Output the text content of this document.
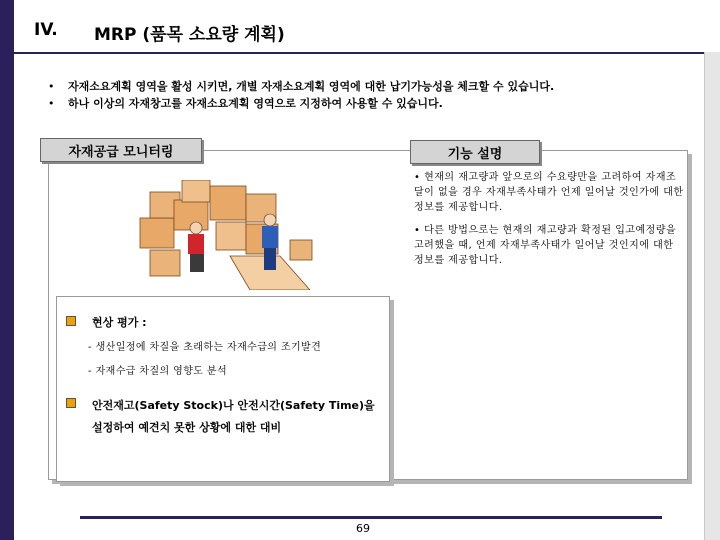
IV. MRP (품목 소요량 계획)
• 자재소요계획 영역을 활성 시키면, 개별 자재소요계획 영역에 대한 납기가능성을 체크할 수 있습니다.
• 하나 이상의 자재창고를 자재소요계획 영역으로 지정하여 사용할 수 있습니다.
자재공급 모니터링	기능 설명

• 현재의 재고량과 앞으로의 수요량만을 고려하여 자재조달이 없을 경우 자재부족사태가 언제 일어날 것인가에 대한 정보를 제공합니다.

• 다른 방법으로는 현재의 재고량과 확정된 입고예정량을 고려했을 때, 언제 자재부족사태가 일어날 것인지에 대한 정보를 제공합니다.

현상 평가 :
- 생산일정에 차질을 초래하는 자재수급의 조기발견
- 자재수급 차질의 영향도 분석
안전재고(Safety Stock)나 안전시간(Safety Time)을 설정하여 예견치 못한 상황에 대한 대비
69
